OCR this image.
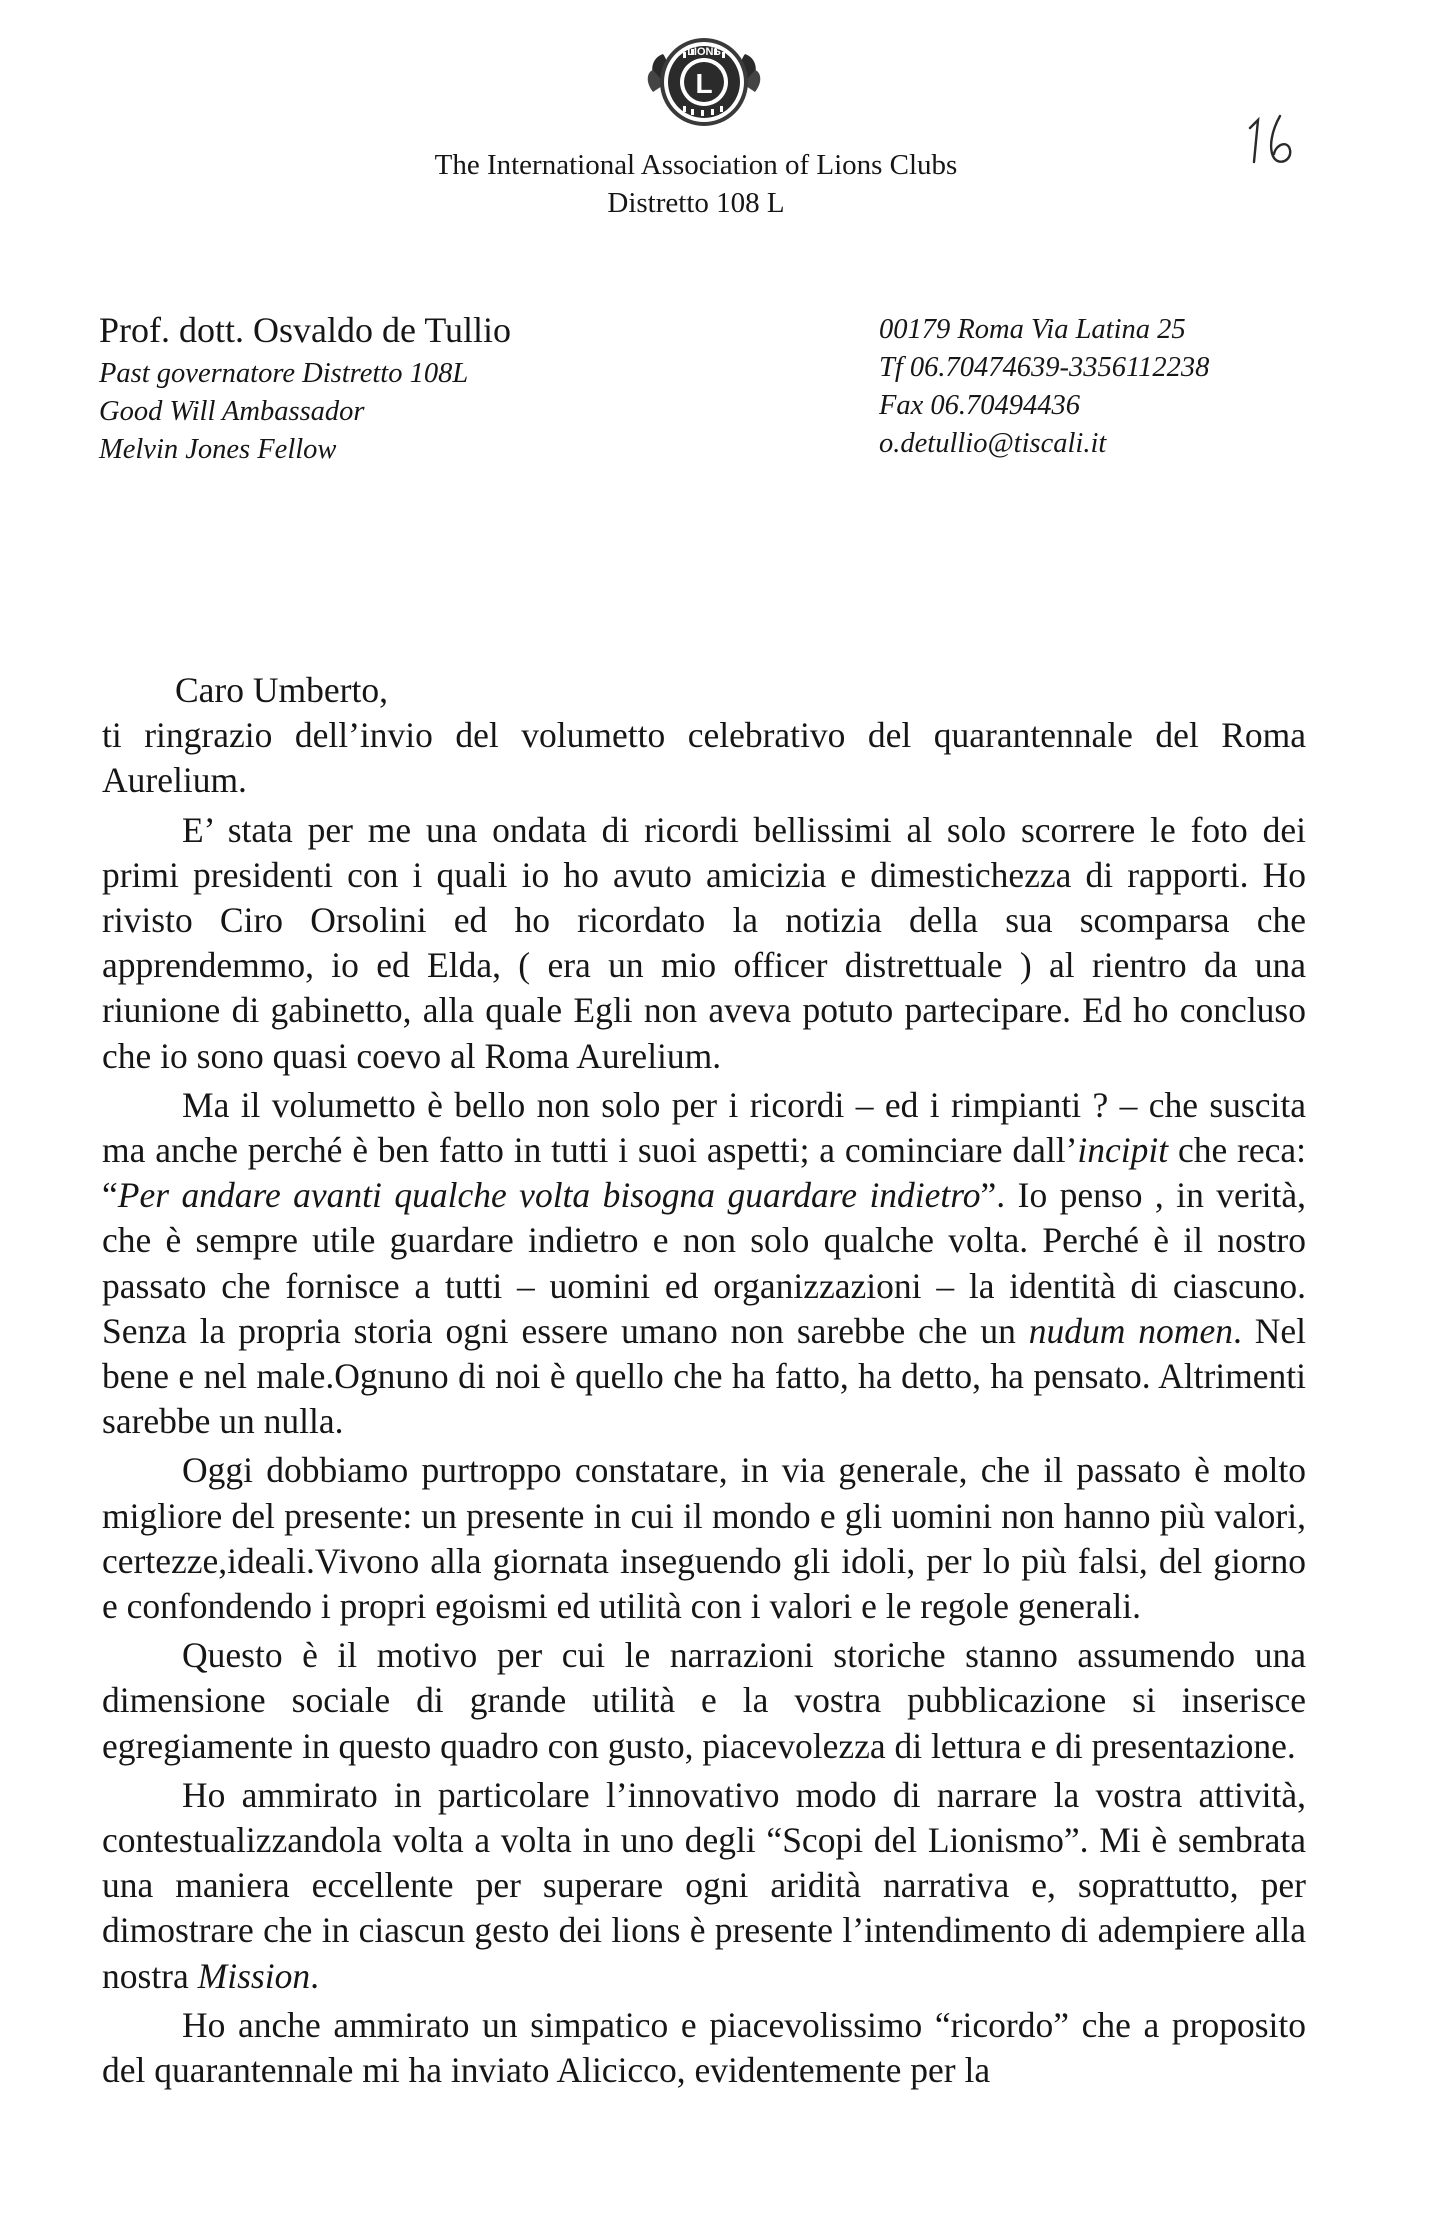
LIONS
L
The International Association of Lions Clubs
Distretto 108 L
16
Prof. dott. Osvaldo de Tullio
Past governatore Distretto 108L
Good Will Ambassador
Melvin Jones Fellow
00179 Roma Via Latina 25
Tf 06.70474639-3356112238
Fax 06.70494436
o.detullio@tiscali.it

Caro Umberto,

ti ringrazio dell’invio del volumetto celebrativo del quarantennale del Roma Aurelium.

E’ stata per me una ondata di ricordi bellissimi al solo scorrere le foto dei primi presidenti con i quali io ho avuto amicizia e dimestichezza di rapporti. Ho rivisto Ciro Orsolini ed ho ricordato la notizia della sua scomparsa che apprendemmo, io ed Elda, ( era un mio officer distrettuale ) al rientro da una riunione di gabinetto, alla quale Egli non aveva potuto partecipare. Ed ho concluso che io sono quasi coevo al Roma Aurelium.

Ma il volumetto è bello non solo per i ricordi – ed i rimpianti ? – che suscita ma anche perché è ben fatto in tutti i suoi aspetti; a cominciare dall’incipit che reca: “Per andare avanti qualche volta bisogna guardare indietro”. Io penso , in verità, che è sempre utile guardare indietro e non solo qualche volta. Perché è il nostro passato che fornisce a tutti – uomini ed organizzazioni – la identità di ciascuno. Senza la propria storia ogni essere umano non sarebbe che un nudum nomen. Nel bene e nel male.Ognuno di noi è quello che ha fatto, ha detto, ha pensato. Altrimenti sarebbe un nulla.

Oggi dobbiamo purtroppo constatare, in via generale, che il passato è molto migliore del presente: un presente in cui il mondo e gli uomini non hanno più valori, certezze,ideali.Vivono alla giornata inseguendo gli idoli, per lo più falsi, del giorno e confondendo i propri egoismi ed utilità con i valori e le regole generali.

Questo è il motivo per cui le narrazioni storiche stanno assumendo una dimensione sociale di grande utilità e la vostra pubblicazione si inserisce egregiamente in questo quadro con gusto, piacevolezza di lettura e di presentazione.

Ho ammirato in particolare l’innovativo modo di narrare la vostra attività, contestualizzandola volta a volta in uno degli “Scopi del Lionismo”. Mi è sembrata una maniera eccellente per superare ogni aridità narrativa e, soprattutto, per dimostrare che in ciascun gesto dei lions è presente l’intendimento di adempiere alla nostra Mission.

Ho anche ammirato un simpatico e piacevolissimo “ricordo” che a proposito del quarantennale mi ha inviato Alicicco, evidentemente per la
